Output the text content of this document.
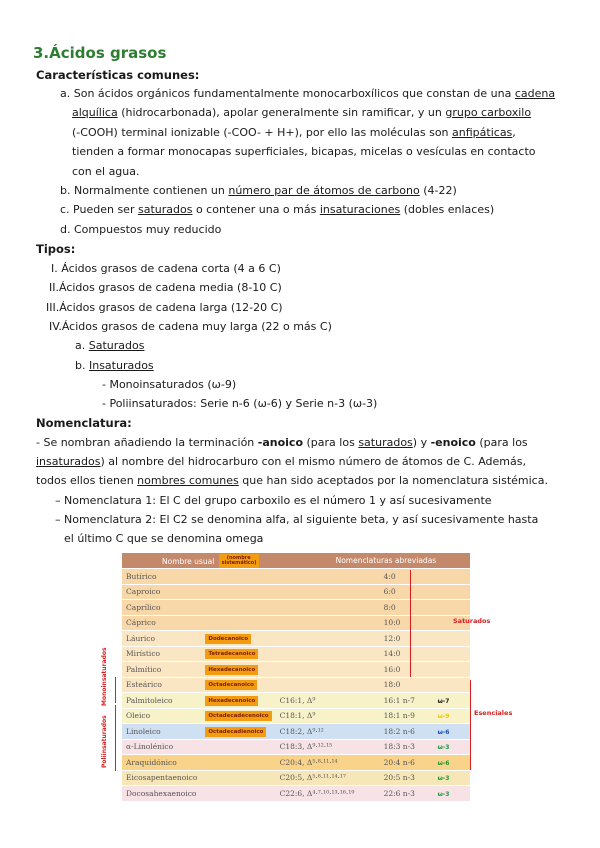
3.Ácidos grasos
Características comunes:
a. Son ácidos orgánicos fundamentalmente monocarboxílicos que constan de una cadena
alquílica (hidrocarbonada), apolar generalmente sin ramificar, y un grupo carboxilo
(-COOH) terminal ionizable (-COO- + H+), por ello las moléculas son anfipáticas,
tienden a formar monocapas superficiales, bicapas, micelas o vesículas en contacto
con el agua.
b. Normalmente contienen un número par de átomos de carbono (4-22)
c. Pueden ser saturados o contener una o más insaturaciones (dobles enlaces)
d. Compuestos muy reducido
Tipos:
I. Ácidos grasos de cadena corta (4 a 6 C)
II.Ácidos grasos de cadena media (8-10 C)
III.Ácidos grasos de cadena larga (12-20 C)
IV.Ácidos grasos de cadena muy larga (22 o más C)
a. Saturados
b. Insaturados
- Monoinsaturados (ω-9)
- Poliinsaturados: Serie n-6 (ω-6) y Serie n-3 (ω-3)
Nomenclatura:
- Se nombran añadiendo la terminación -anoico (para los saturados) y -enoico (para los
insaturados) al nombre del hidrocarburo con el mismo número de átomos de C. Además,
todos ellos tienen nombres comunes que han sido aceptados por la nomenclatura sistémica.
– Nomenclatura 1: El C del grupo carboxilo es el número 1 y así sucesivamente
– Nomenclatura 2: El C2 se denomina alfa, al siguiente beta, y así sucesivamente hasta
el último C que se denomina omega
Nombre usual (nombre sistemático)		Nomenclaturas abreviadas		
Butírico			4:0	
Caproico			6:0	
Caprílico			8:0	
Cáprico			10:0	
Láurico	Dodecanoico		12:0	
Mirístico	Tetradecanoico		14:0	
Palmítico	Hexadecanoico		16:0	
Esteárico	Octadecanoico		18:0	
Palmitoleico	Hexadecenoico	C16:1, Δ⁹	16:1 n-7	ω-7
Oleico	Octadecadecenoico	C18:1, Δ⁹	18:1 n-9	ω-9
Linoleico	Octadecadienoico	C18:2, Δ⁹·¹²	18:2 n-6	ω-6
α-Linolénico		C18:3, Δ⁹·¹²·¹⁵	18:3 n-3	ω-3
Araquidónico		C20:4, Δ⁵·⁸·¹¹·¹⁴	20:4 n-6	ω-6
Eicosapentaenoico		C20:5, Δ⁵·⁸·¹¹·¹⁴·¹⁷	20:5 n-3	ω-3
Docosahexaenoico		C22:6, Δ⁴·⁷·¹⁰·¹³·¹⁶·¹⁹	22:6 n-3	ω-3
Saturados
Esenciales
Monoinsaturados
Poliinsaturados
